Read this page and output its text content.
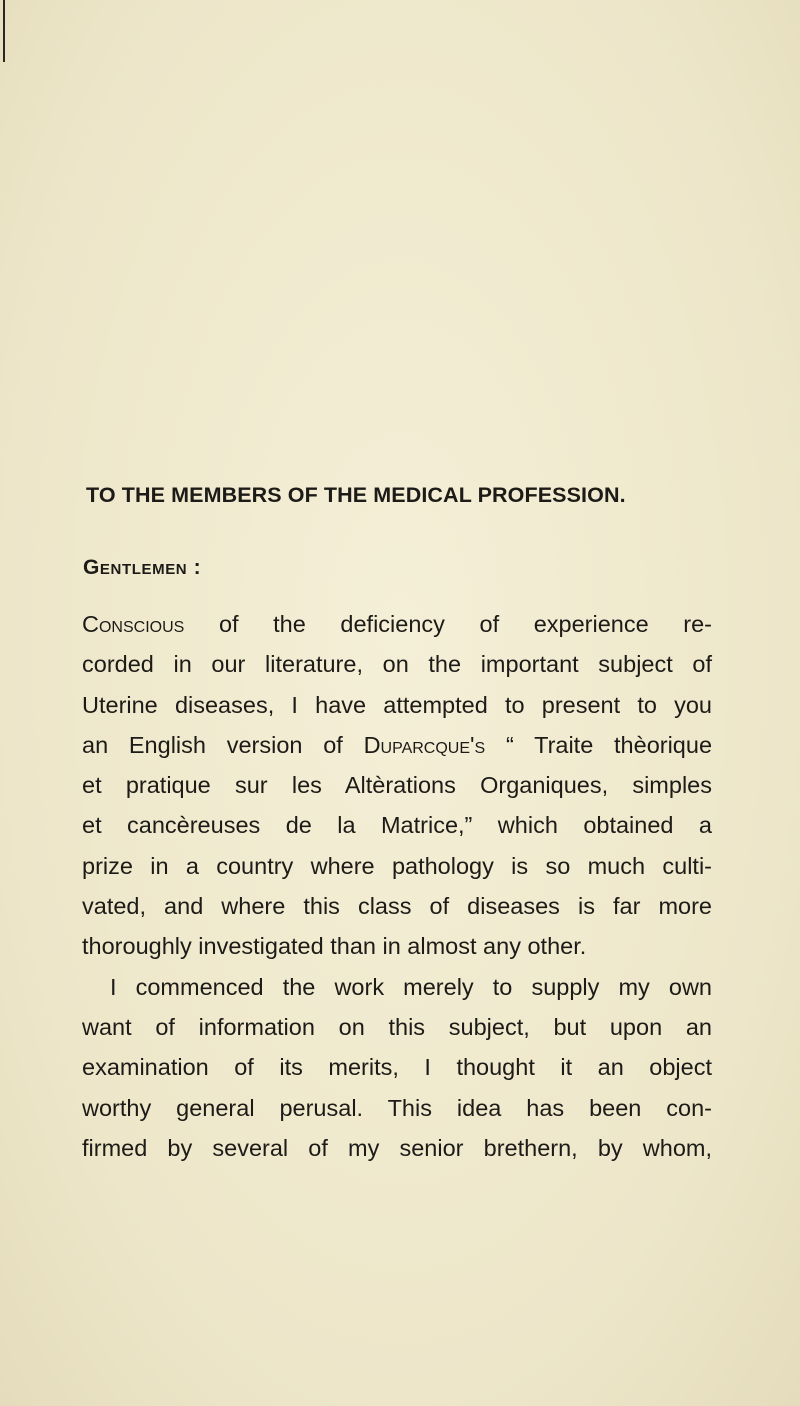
TO THE MEMBERS OF THE MEDICAL PROFESSION.
Gentlemen :
Conscious of the deficiency of experience re-
corded in our literature, on the important subject of
Uterine diseases, I have attempted to present to you
an English version of Duparcque's “ Traite thèorique
et pratique sur les Altèrations Organiques, simples
et cancèreuses de la Matrice,” which obtained a
prize in a country where pathology is so much culti-
vated, and where this class of diseases is far more
thoroughly investigated than in almost any other.
I commenced the work merely to supply my own
want of information on this subject, but upon an
examination of its merits, I thought it an object
worthy general perusal. This idea has been con-
firmed by several of my senior brethern, by whom,
